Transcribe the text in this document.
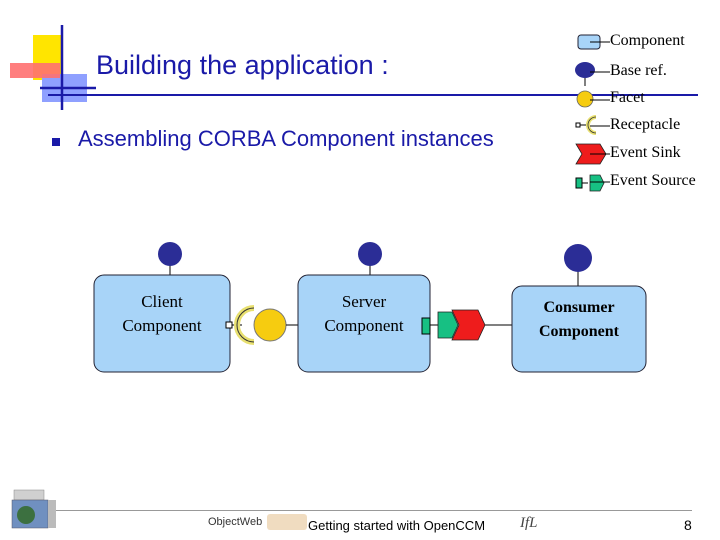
Building the application :
Assembling CORBA Component instances
Component
Base ref.
Facet
Receptacle
Event Sink
Event Source
Client
Component
Server
Component
Consumer
Component
ObjectWeb	Getting started with OpenCCM IfL	8
